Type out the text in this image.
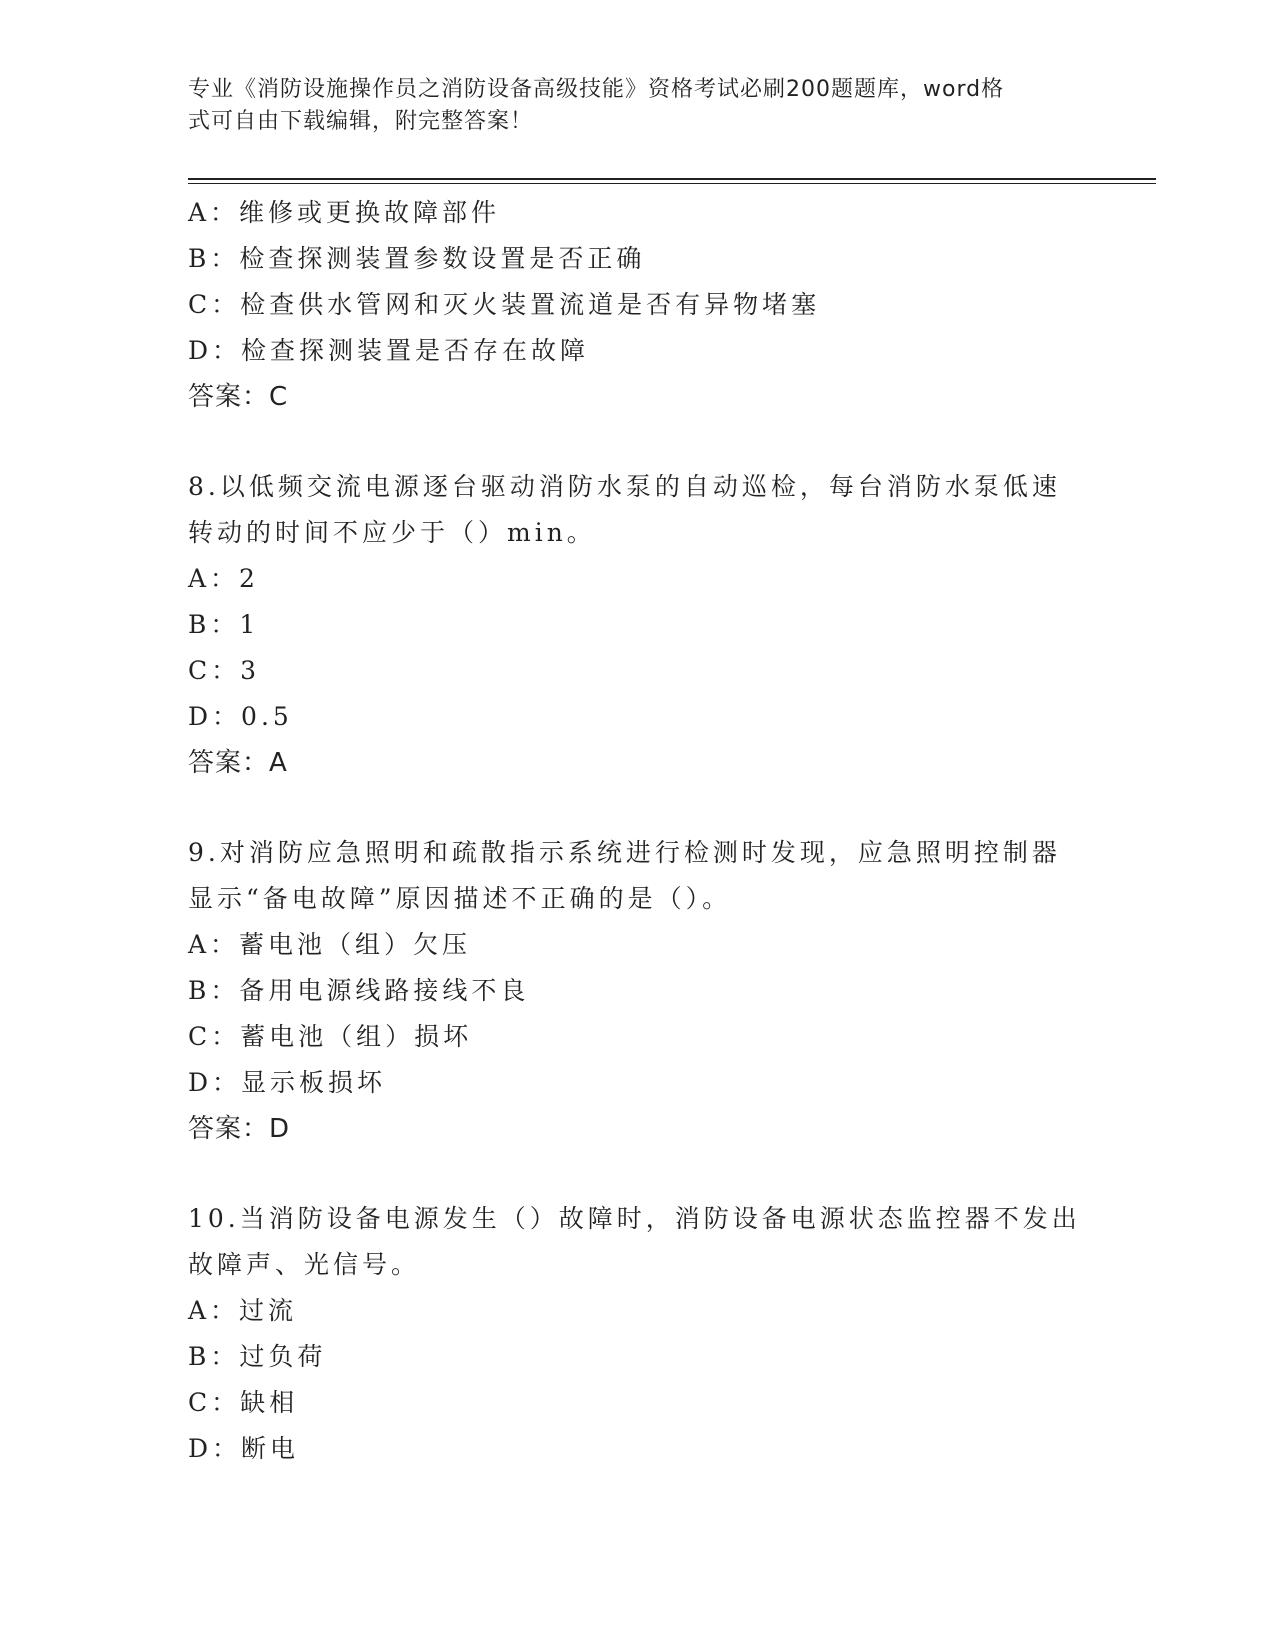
专业《消防设施操作员之消防设备高级技能》资格考试必刷200题题库，word格
式可自由下载编辑，附完整答案！
A：维修或更换故障部件
B：检查探测装置参数设置是否正确
C：检查供水管网和灭火装置流道是否有异物堵塞
D：检查探测装置是否存在故障
答案：C
8.以低频交流电源逐台驱动消防水泵的自动巡检，每台消防水泵低速
转动的时间不应少于（）min。
A：2
B：1
C：3
D：0.5
答案：A
9.对消防应急照明和疏散指示系统进行检测时发现，应急照明控制器
显示“备电故障”原因描述不正确的是（）。
A：蓄电池（组）欠压
B：备用电源线路接线不良
C：蓄电池（组）损坏
D：显示板损坏
答案：D
10.当消防设备电源发生（）故障时，消防设备电源状态监控器不发出
故障声、光信号。
A：过流
B：过负荷
C：缺相
D：断电
